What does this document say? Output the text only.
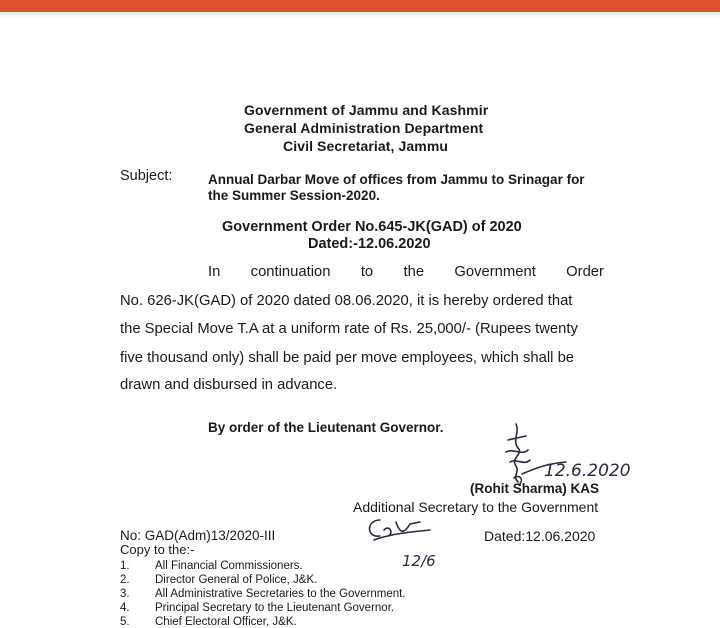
Government of Jammu and Kashmir
General Administration Department
Civil Secretariat, Jammu
Subject:	Annual Darbar Move of offices from Jammu to Srinagar for
the Summer Session-2020.
Government Order No.645-JK(GAD) of 2020
Dated:-12.06.2020
In continuation to the Government Order
No. 626-JK(GAD) of 2020 dated 08.06.2020, it is hereby ordered that
the Special Move T.A at a uniform rate of Rs. 25,000/- (Rupees twenty
five thousand only) shall be paid per move employees, which shall be
drawn and disbursed in advance.
By order of the Lieutenant Governor.
12.6.2020
(Rohit Sharma) KAS
Additional Secretary to the Government
No: GAD(Adm)13/2020-III	Dated:12.06.2020
12/6
Copy to the:-
1. All Financial Commissioners.
2. Director General of Police, J&K.
3. All Administrative Secretaries to the Government.
4. Principal Secretary to the Lieutenant Governor.
5. Chief Electoral Officer, J&K.
